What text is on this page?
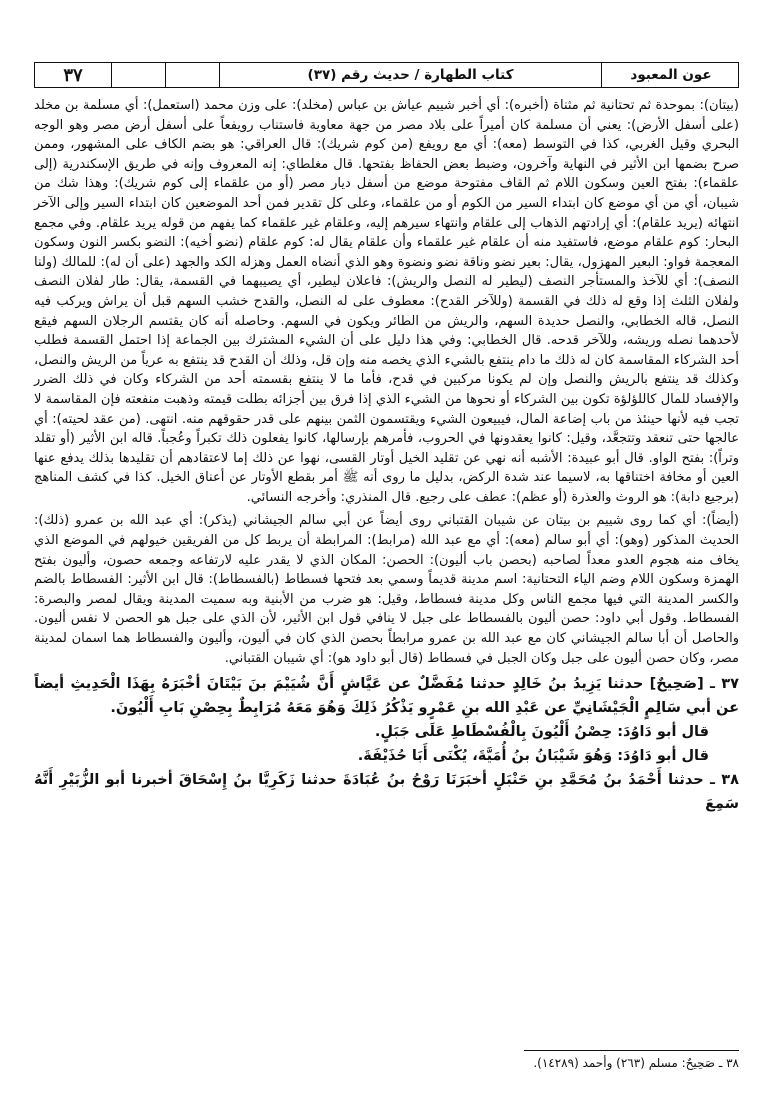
٣٧	كتاب الطهارة / حديث رقم (٣٧)	عون المعبود

(بيتان): بموحدة ثم تحتانية ثم مثناة (أخبره): أي أخبر شييم عياش بن عباس (مخلد): على وزن محمد (استعمل): أي مسلمة بن مخلد (على أسفل الأرض): يعني أن مسلمة كان أميراً على بلاد مصر من جهة معاوية فاستناب رويفعاً على أسفل أرض مصر وهو الوجه البحري وقيل الغربي، كذا في التوسط (معه): أي مع رويفع (من كوم شريك): قال العراقي: هو بضم الكاف على المشهور، وممن صرح بضمها ابن الأثير في النهاية وآخرون، وضبط بعض الحفاظ بفتحها. قال مغلطاي: إنه المعروف وإنه في طريق الإسكندرية (إلى علقماء): بفتح العين وسكون اللام ثم القاف مفتوحة موضع من أسفل ديار مصر (أو من علقماء إلى كوم شريك): وهذا شك من شيبان، أي من أي موضع كان ابتداء السير من الكوم أو من علقماء، وعلى كل تقدير فمن أحد الموضعين كان ابتداء السير وإلى الآخر انتهائه (يريد علقام): أي إرادتهم الذهاب إلى علقام وانتهاء سيرهم إليه، وعلقام غير علقماء كما يفهم من قوله يريد علقام. وفي مجمع البحار: كوم علقام موضع، فاستفيد منه أن علقام غير علقماء وأن علقام يقال له: كوم علقام (نضو أخيه): النضو بكسر النون وسكون المعجمة فواو: البعير المهزول، يقال: بعير نضو وناقة نضو ونضوة وهو الذي أنضاه العمل وهزله الكد والجهد (على أن له): للمالك (ولنا النصف): أي للآخذ والمستأجر النصف (ليطير له النصل والريش): فاعلان ليطير، أي يصيبهما في القسمة، يقال: طار لفلان النصف ولفلان الثلث إذا وقع له ذلك في القسمة (وللآخر القدح): معطوف على له النصل، والقدح خشب السهم قبل أن يراش ويركب فيه النصل، قاله الخطابي، والنصل حديدة السهم، والريش من الطائر ويكون في السهم. وحاصله أنه كان يقتسم الرجلان السهم فيقع لأحدهما نصله وريشه، وللآخر قدحه. قال الخطابي: وفي هذا دليل على أن الشيء المشترك بين الجماعة إذا احتمل القسمة فطلب أحد الشركاء المقاسمة كان له ذلك ما دام ينتفع بالشيء الذي يخصه منه وإن قل، وذلك أن القدح قد ينتفع به عرياً من الريش والنصل، وكذلك قد ينتفع بالريش والنصل وإن لم يكونا مركبين في قدح، فأما ما لا ينتفع بقسمته أحد من الشركاء وكان في ذلك الضرر والإفساد للمال كاللؤلؤة تكون بين الشركاء أو نحوها من الشيء الذي إذا فرق بين أجزائه بطلت قيمته وذهبت منفعته فإن المقاسمة لا تجب فيه لأنها حينئذ من باب إضاعة المال، فيبيعون الشيء ويقتسمون الثمن بينهم على قدر حقوقهم منه. انتهى. (من عقد لحيته): أي عالجها حتى تنعقد وتتجعَّد، وقيل: كانوا يعقدونها في الحروب، فأمرهم بإرسالها، كانوا يفعلون ذلك تكبراً وعُجباً. قاله ابن الأثير (أو تقلد وتراً): بفتح الواو. قال أبو عبيدة: الأشبه أنه نهي عن تقليد الخيل أوتار القسى، نهوا عن ذلك إما لاعتقادهم أن تقليدها بذلك يدفع عنها العين أو مخافة اختناقها به، لاسيما عند شدة الركض، بدليل ما روى أنه ﷺ أمر بقطع الأوتار عن أعناق الخيل. كذا في كشف المناهج (برجيع دابة): هو الروث والعذرة (أو عظم): عطف على رجيع. قال المنذري: وأخرجه النسائي.

(أيضاً): أي كما روى شييم بن بيتان عن شيبان القتباني روى أيضاً عن أبي سالم الجيشاني (يذكر): أي عبد الله بن عمرو (ذلك): الحديث المذكور (وهو): أي أبو سالم (معه): أي مع عبد الله (مرابط): المرابطة أن يربط كل من الفريقين خيولهم في الموضع الذي يخاف منه هجوم العدو معداً لصاحبه (بحصن باب أليون): الحصن: المكان الذي لا يقدر عليه لارتفاعه وجمعه حصون، وأليون بفتح الهمزة وسكون اللام وضم الياء التحتانية: اسم مدينة قديماً وسمي بعد فتحها فسطاط (بالفسطاط): قال ابن الأثير: الفسطاط بالضم والكسر المدينة التي فيها مجمع الناس وكل مدينة فسطاط، وقيل: هو ضرب من الأبنية وبه سميت المدينة ويقال لمصر والبصرة: الفسطاط. وقول أبي داود: حصن أليون بالفسطاط على جبل لا ينافي قول ابن الأثير، لأن الذي على جبل هو الحصن لا نفس أليون. والحاصل أن أبا سالم الجيشاني كان مع عبد الله بن عمرو مرابطاً بحصن الذي كان في أليون، وأليون والفسطاط هما اسمان لمدينة مصر، وكان حصن أليون على جبل وكان الجبل في فسطاط (قال أبو داود هو): أي شيبان القتباني.

٣٧ ـ [صَحِيحٌ] حدثنا يَزِيدُ بنُ خَالِدٍ حدثنا مُفَضَّلٌ عن عَيَّاشٍ أَنَّ شُيَيْمَ بنَ بَيْتَانَ أخْبَرَهُ بِهَذَا الْحَدِيثِ أيضاً عن أبي سَالِمٍ الْجَيْشَانِيِّ عن عَبْدِ الله بنِ عَمْرٍو يَذْكُرُ ذَلِكَ وَهُوَ مَعَهُ مُرَابِطٌ بِحِصْنِ بَابِ أَلْيُونَ.

قال أبو دَاوُدَ: حِصْنُ أَلْيُونَ بِالْفُسْطَاطِ عَلَى جَبَلٍ.

قال أبو دَاوُدَ: وَهُوَ شَيْبَانُ بنُ أُمَيَّةَ، يُكْنَى أَبَا حُذَيْفَةَ.

٣٨ ـ حدثنا أَحْمَدُ بنُ مُحَمَّدِ بنِ حَنْبَلٍ أخبَرَنَا رَوْحُ بنُ عُبَادَةَ حدثنا زَكَرِيَّا بنُ إِسْحَاقَ أخبرنا أبو الزُّبَيْرِ أَنَّهُ سَمِعَ

٣٨ ـ صَحِيحٌ: مسلم (٢٦٣) وأحمد (١٤٢٨٩).
